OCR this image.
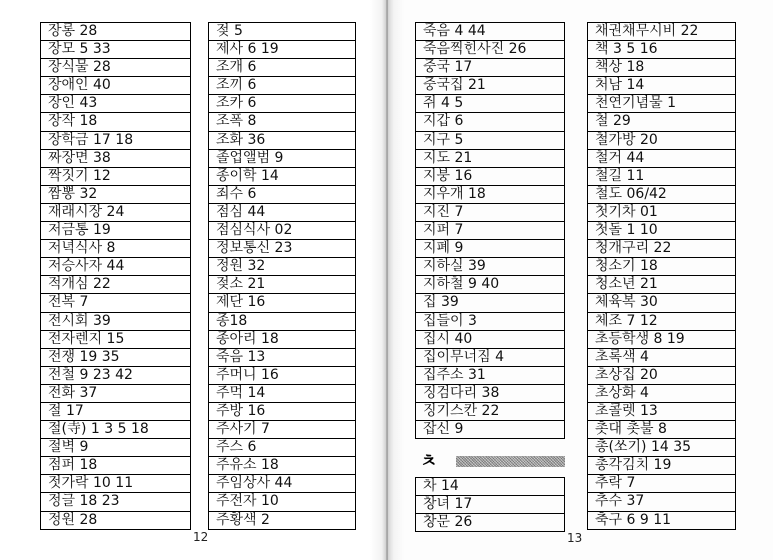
장롱 28
장모 5 33
장식물 28
장애인 40
장인 43
장작 18
장학금 17 18
짜장면 38
짝짓기 12
짬뽕 32
재래시장 24
저금통 19
저녁식사 8
저승사자 44
적개심 22
전복 7
전시회 39
전자렌지 15
전쟁 19 35
전철 9 23 42
전화 37
절 17
절(寺) 1 3 5 18
절벽 9
점퍼 18
젓가락 10 11
정글 18 23
정원 28
젖 5
제사 6 19
조개 6
조끼 6
조카 6
조폭 8
조화 36
졸업앨범 9
종이학 14
죄수 6
점심 44
점심식사 02
정보통신 23
정원 32
젖소 21
제단 16
종18
종아리 18
죽음 13
주머니 16
주먹 14
주방 16
주사기 7
주스 6
주유소 18
주임상사 44
주전자 10
주황색 2
12
죽음 4 44
죽음찍힌사진 26
중국 17
중국집 21
쥐 4 5
지갑 6
지구 5
지도 21
지붕 16
지우개 18
지진 7
지퍼 7
지폐 9
지하실 39
지하철 9 40
집 39
집들이 3
집시 40
집이무너짐 4
집주소 31
징검다리 38
징기스칸 22
잡신 9
ㅊ
차 14
창녀 17
창문 26
채권채무시비 22
책 3 5 16
책상 18
처남 14
천연기념물 1
철 29
철가방 20
철거 44
철길 11
철도 06/42
첫기차 01
첫돌 1 10
청개구리 22
청소기 18
청소년 21
체육복 30
체조 7 12
초등학생 8 19
초록색 4
초상집 20
초상화 4
초콜렛 13
촛대 촛불 8
총(쏘기) 14 35
총각김치 19
추락 7
추수 37
축구 6 9 11
13
